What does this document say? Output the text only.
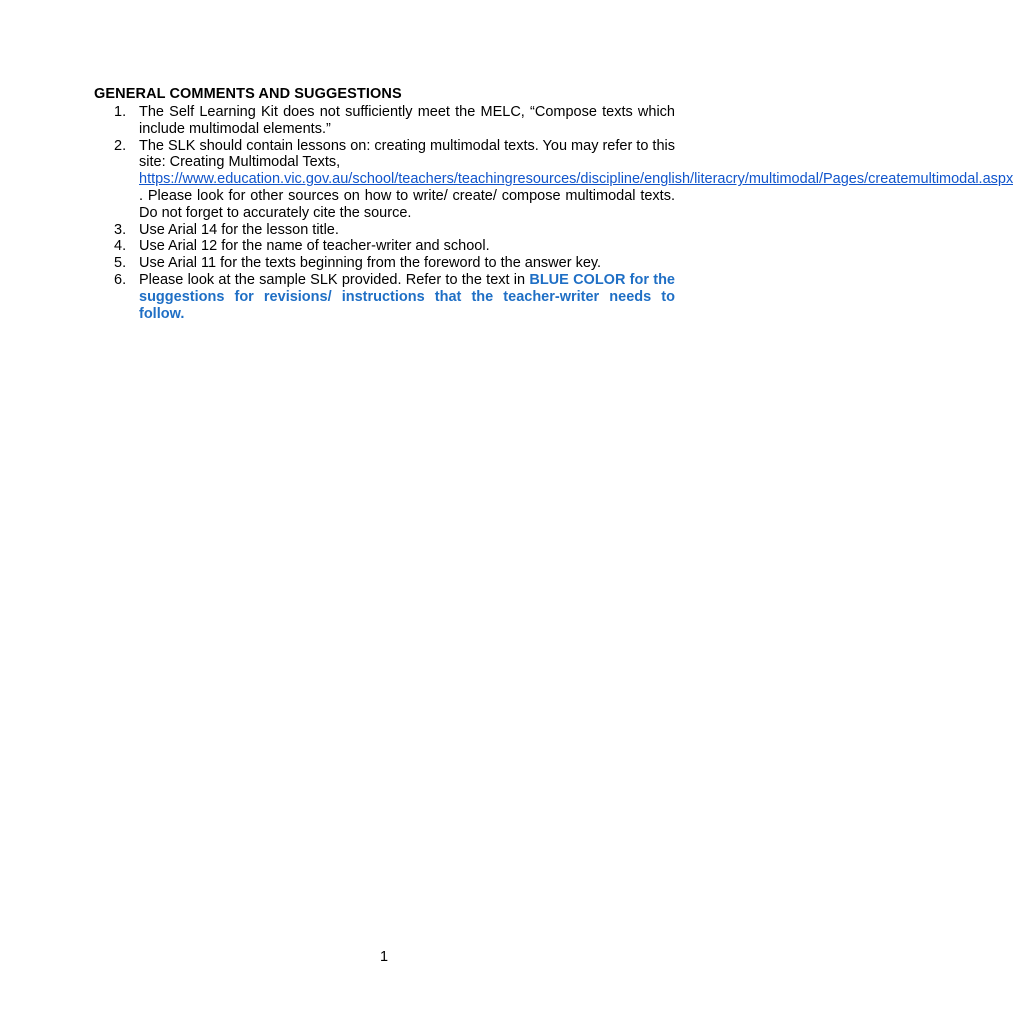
GENERAL COMMENTS AND SUGGESTIONS
1. The Self Learning Kit does not sufficiently meet the MELC, “Compose texts which include multimodal elements.”
2. The SLK should contain lessons on: creating multimodal texts. You may refer to this site: Creating Multimodal Texts,
https://www.education.vic.gov.au/school/teachers/teachingresources/discipline/english/literacry/multimodal/Pages/createmultimodal.aspx . Please look for other sources on how to write/ create/ compose multimodal texts. Do not forget to accurately cite the source.
3. Use Arial 14 for the lesson title.
4. Use Arial 12 for the name of teacher-writer and school.
5. Use Arial 11 for the texts beginning from the foreword to the answer key.
6. Please look at the sample SLK provided. Refer to the text in BLUE COLOR for the suggestions for revisions/ instructions that the teacher-writer needs to follow.
1
